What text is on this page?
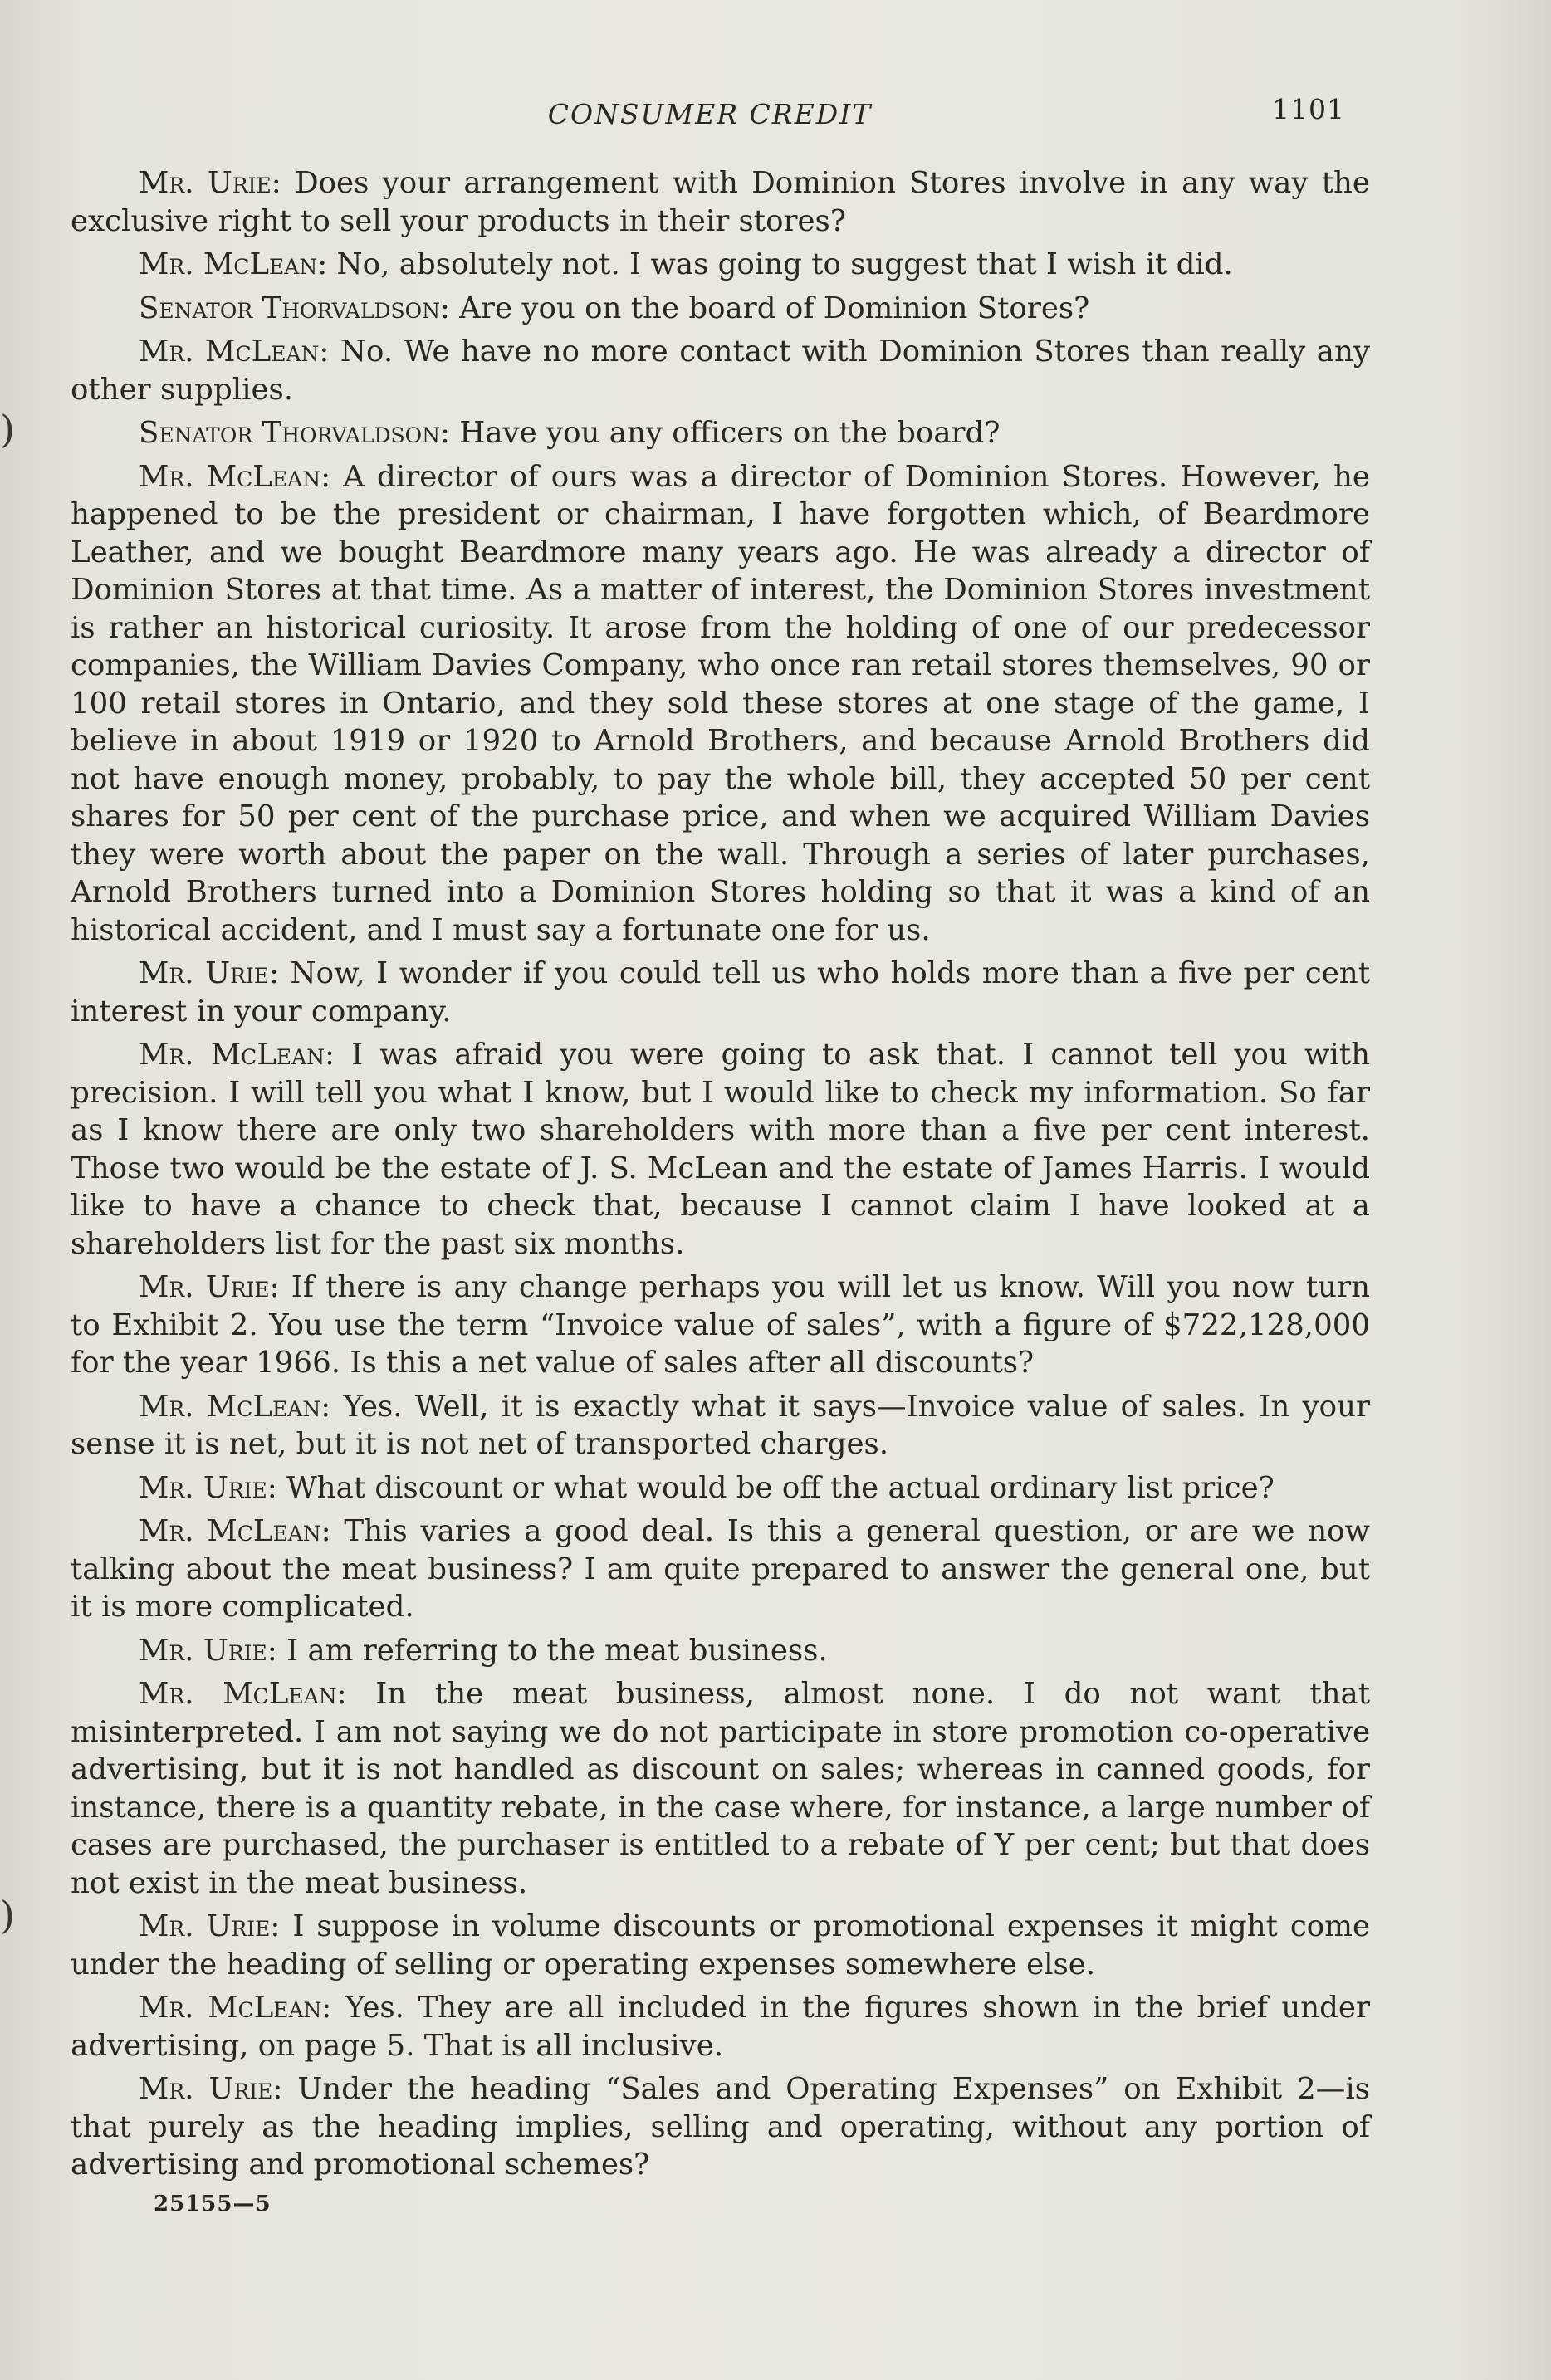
)
)
CONSUMER CREDIT	1101

Mr. Urie: Does your arrangement with Dominion Stores involve in any way the exclusive right to sell your products in their stores?

Mr. McLean: No, absolutely not. I was going to suggest that I wish it did.

Senator Thorvaldson: Are you on the board of Dominion Stores?

Mr. McLean: No. We have no more contact with Dominion Stores than really any other supplies.

Senator Thorvaldson: Have you any officers on the board?

Mr. McLean: A director of ours was a director of Dominion Stores. However, he happened to be the president or chairman, I have forgotten which, of Beardmore Leather, and we bought Beardmore many years ago. He was already a director of Dominion Stores at that time. As a matter of interest, the Dominion Stores investment is rather an historical curiosity. It arose from the holding of one of our predecessor companies, the William Davies Company, who once ran retail stores themselves, 90 or 100 retail stores in Ontario, and they sold these stores at one stage of the game, I believe in about 1919 or 1920 to Arnold Brothers, and because Arnold Brothers did not have enough money, probably, to pay the whole bill, they accepted 50 per cent shares for 50 per cent of the purchase price, and when we acquired William Davies they were worth about the paper on the wall. Through a series of later purchases, Arnold Brothers turned into a Dominion Stores holding so that it was a kind of an historical accident, and I must say a fortunate one for us.

Mr. Urie: Now, I wonder if you could tell us who holds more than a five per cent interest in your company.

Mr. McLean: I was afraid you were going to ask that. I cannot tell you with precision. I will tell you what I know, but I would like to check my information. So far as I know there are only two shareholders with more than a five per cent interest. Those two would be the estate of J. S. McLean and the estate of James Harris. I would like to have a chance to check that, because I cannot claim I have looked at a shareholders list for the past six months.

Mr. Urie: If there is any change perhaps you will let us know. Will you now turn to Exhibit 2. You use the term “Invoice value of sales”, with a figure of $722,128,000 for the year 1966. Is this a net value of sales after all discounts?

Mr. McLean: Yes. Well, it is exactly what it says—Invoice value of sales. In your sense it is net, but it is not net of transported charges.

Mr. Urie: What discount or what would be off the actual ordinary list price?

Mr. McLean: This varies a good deal. Is this a general question, or are we now talking about the meat business? I am quite prepared to answer the general one, but it is more complicated.

Mr. Urie: I am referring to the meat business.

Mr. McLean: In the meat business, almost none. I do not want that misinterpreted. I am not saying we do not participate in store promotion co-operative advertising, but it is not handled as discount on sales; whereas in canned goods, for instance, there is a quantity rebate, in the case where, for instance, a large number of cases are purchased, the purchaser is entitled to a rebate of Y per cent; but that does not exist in the meat business.

Mr. Urie: I suppose in volume discounts or promotional expenses it might come under the heading of selling or operating expenses somewhere else.

Mr. McLean: Yes. They are all included in the figures shown in the brief under advertising, on page 5. That is all inclusive.

Mr. Urie: Under the heading “Sales and Operating Expenses” on Exhibit 2—is that purely as the heading implies, selling and operating, without any portion of advertising and promotional schemes?

25155—5
